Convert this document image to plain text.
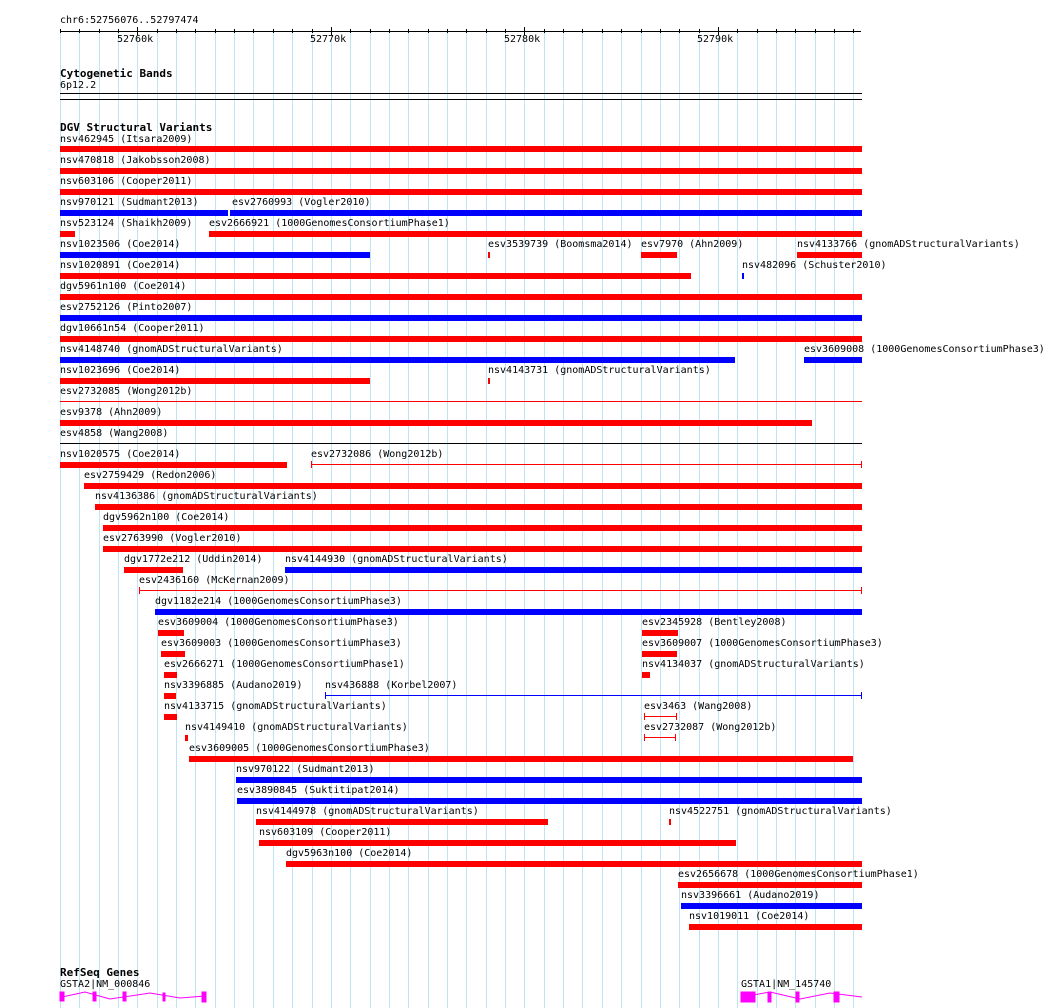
chr6:52756076..52797474
52760k	52770k	52780k	52790k
Cytogenetic Bands
6p12.2
DGV Structural Variants
nsv462945 (Itsara2009)
nsv470818 (Jakobsson2008)
nsv603106 (Cooper2011)
nsv970121 (Sudmant2013)	esv2760993 (Vogler2010)
nsv523124 (Shaikh2009) esv2666921 (1000GenomesConsortiumPhase1)
nsv1023506 (Coe2014)	esv3539739 (Boomsma2014) esv7970 (Ahn2009)	nsv4133766 (gnomADStructuralVariants)
nsv1020891 (Coe2014)	nsv482096 (Schuster2010)
dgv5961n100 (Coe2014)
esv2752126 (Pinto2007)
dgv10661n54 (Cooper2011)
nsv4148740 (gnomADStructuralVariants)	esv3609008 (1000GenomesConsortiumPhase3)
nsv1023696 (Coe2014)	nsv4143731 (gnomADStructuralVariants)
esv2732085 (Wong2012b)
esv9378 (Ahn2009)
esv4858 (Wang2008)
nsv1020575 (Coe2014)	esv2732086 (Wong2012b)
esv2759429 (Redon2006)
nsv4136386 (gnomADStructuralVariants)
dgv5962n100 (Coe2014)
esv2763990 (Vogler2010)
dgv1772e212 (Uddin2014) nsv4144930 (gnomADStructuralVariants)
esv2436160 (McKernan2009)
dgv1182e214 (1000GenomesConsortiumPhase3)
esv3609004 (1000GenomesConsortiumPhase3)	esv2345928 (Bentley2008)
esv3609003 (1000GenomesConsortiumPhase3)	esv3609007 (1000GenomesConsortiumPhase3)
esv2666271 (1000GenomesConsortiumPhase1)	nsv4134037 (gnomADStructuralVariants)
nsv3396885 (Audano2019) nsv436888 (Korbel2007)
nsv4133715 (gnomADStructuralVariants)	esv3463 (Wang2008)
nsv4149410 (gnomADStructuralVariants)	esv2732087 (Wong2012b)
esv3609005 (1000GenomesConsortiumPhase3)
nsv970122 (Sudmant2013)
esv3890845 (Suktitipat2014)
nsv4144978 (gnomADStructuralVariants)	nsv4522751 (gnomADStructuralVariants)
nsv603109 (Cooper2011)
dgv5963n100 (Coe2014)
esv2656678 (1000GenomesConsortiumPhase1)
nsv3396661 (Audano2019)
nsv1019011 (Coe2014)
RefSeq Genes
GSTA2|NM_000846	GSTA1|NM_145740
